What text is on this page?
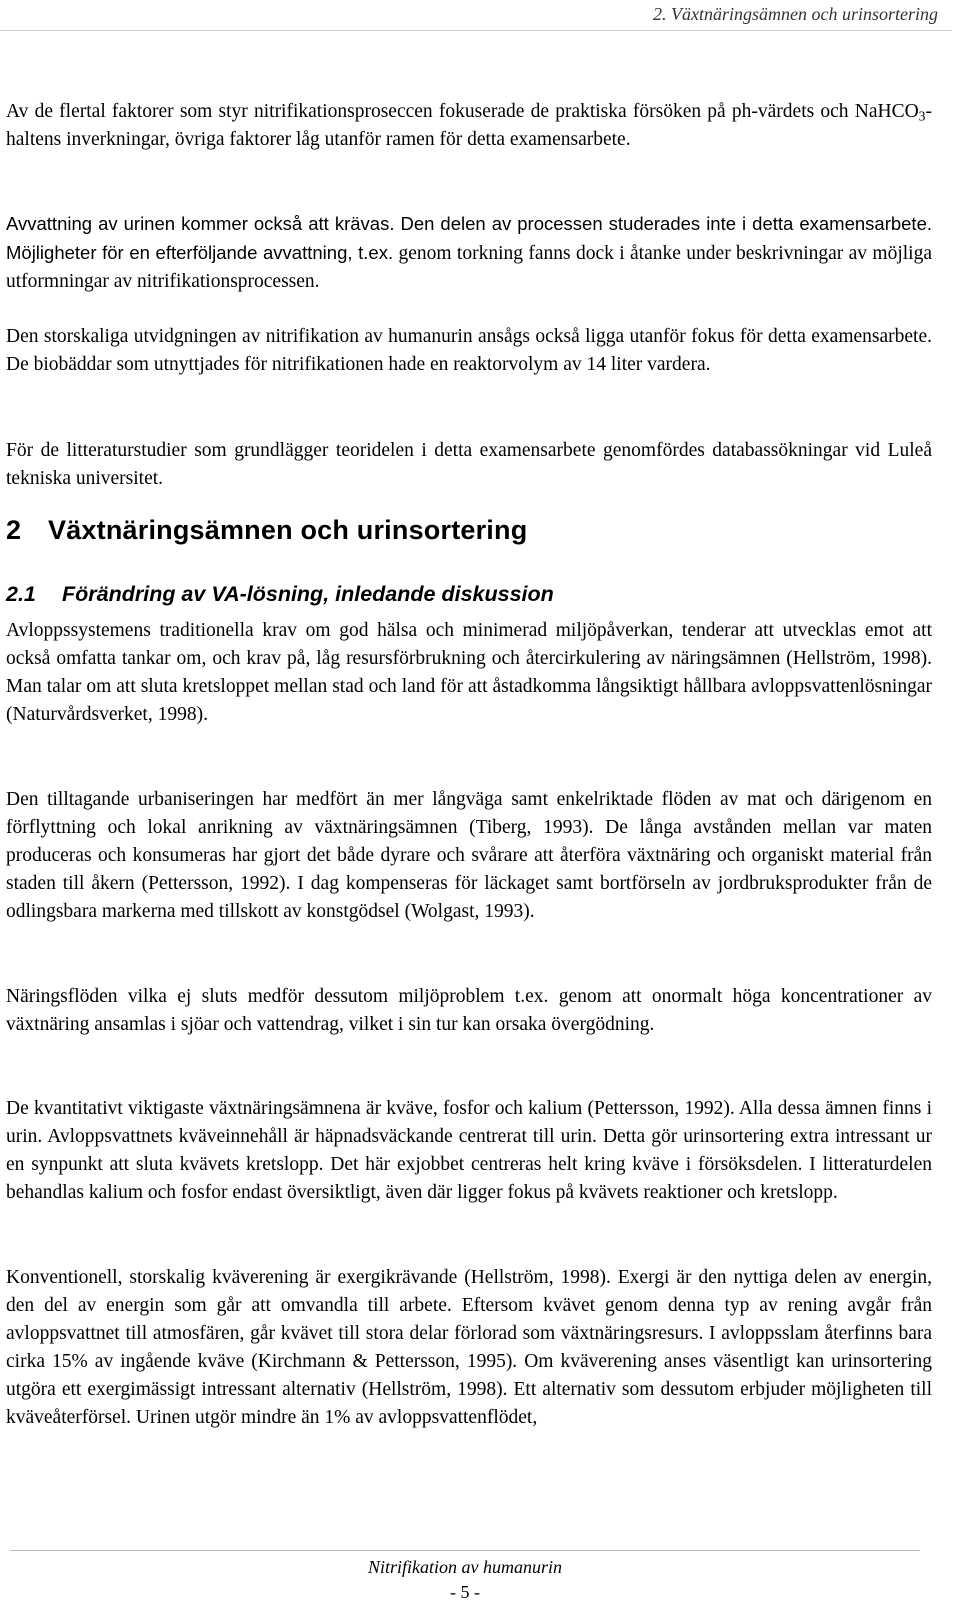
2. Växtnäringsämnen och urinsortering

Av de flertal faktorer som styr nitrifikationsproseccen fokuserade de praktiska försöken på ph-värdets och NaHCO$_3$-haltens inverkningar, övriga faktorer låg utanför ramen för detta examensarbete.

Avvattning av urinen kommer också att krävas. Den delen av processen studerades inte i detta examensarbete. Möjligheter för en efterföljande avvattning, t.ex. genom torkning fanns dock i åtanke under beskrivningar av möjliga utformningar av nitrifikationsprocessen.

Den storskaliga utvidgningen av nitrifikation av humanurin ansågs också ligga utanför fokus för detta examensarbete. De biobäddar som utnyttjades för nitrifikationen hade en reaktorvolym av 14 liter vardera.

För de litteraturstudier som grundlägger teoridelen i detta examensarbete genomfördes databassökningar vid Luleå tekniska universitet.

2 Växtnäringsämnen och urinsortering
2.1 Förändring av VA-lösning, inledande diskussion

Avloppssystemens traditionella krav om god hälsa och minimerad miljöpåverkan, tenderar att utvecklas emot att också omfatta tankar om, och krav på, låg resursförbrukning och återcirkulering av näringsämnen (Hellström, 1998). Man talar om att sluta kretsloppet mellan stad och land för att åstadkomma långsiktigt hållbara avloppsvattenlösningar (Naturvårdsverket, 1998).

Den tilltagande urbaniseringen har medfört än mer långväga samt enkelriktade flöden av mat och därigenom en förflyttning och lokal anrikning av växtnäringsämnen (Tiberg, 1993). De långa avstånden mellan var maten produceras och konsumeras har gjort det både dyrare och svårare att återföra växtnäring och organiskt material från staden till åkern (Pettersson, 1992). I dag kompenseras för läckaget samt bortförseln av jordbruksprodukter från de odlingsbara markerna med tillskott av konstgödsel (Wolgast, 1993).

Näringsflöden vilka ej sluts medför dessutom miljöproblem t.ex. genom att onormalt höga koncentrationer av växtnäring ansamlas i sjöar och vattendrag, vilket i sin tur kan orsaka övergödning.

De kvantitativt viktigaste växtnäringsämnena är kväve, fosfor och kalium (Pettersson, 1992). Alla dessa ämnen finns i urin. Avloppsvattnets kväveinnehåll är häpnadsväckande centrerat till urin. Detta gör urinsortering extra intressant ur en synpunkt att sluta kvävets kretslopp. Det här exjobbet centreras helt kring kväve i försöksdelen. I litteraturdelen behandlas kalium och fosfor endast översiktligt, även där ligger fokus på kvävets reaktioner och kretslopp.

Konventionell, storskalig kväverening är exergikrävande (Hellström, 1998). Exergi är den nyttiga delen av energin, den del av energin som går att omvandla till arbete. Eftersom kvävet genom denna typ av rening avgår från avloppsvattnet till atmosfären, går kvävet till stora delar förlorad som växtnäringsresurs. I avloppsslam återfinns bara cirka 15% av ingående kväve (Kirchmann & Pettersson, 1995). Om kväverening anses väsentligt kan urinsortering utgöra ett exergimässigt intressant alternativ (Hellström, 1998). Ett alternativ som dessutom erbjuder möjligheten till kväveåterförsel. Urinen utgör mindre än 1% av avloppsvattenflödet,

Nitrifikation av humanurin
- 5 -
